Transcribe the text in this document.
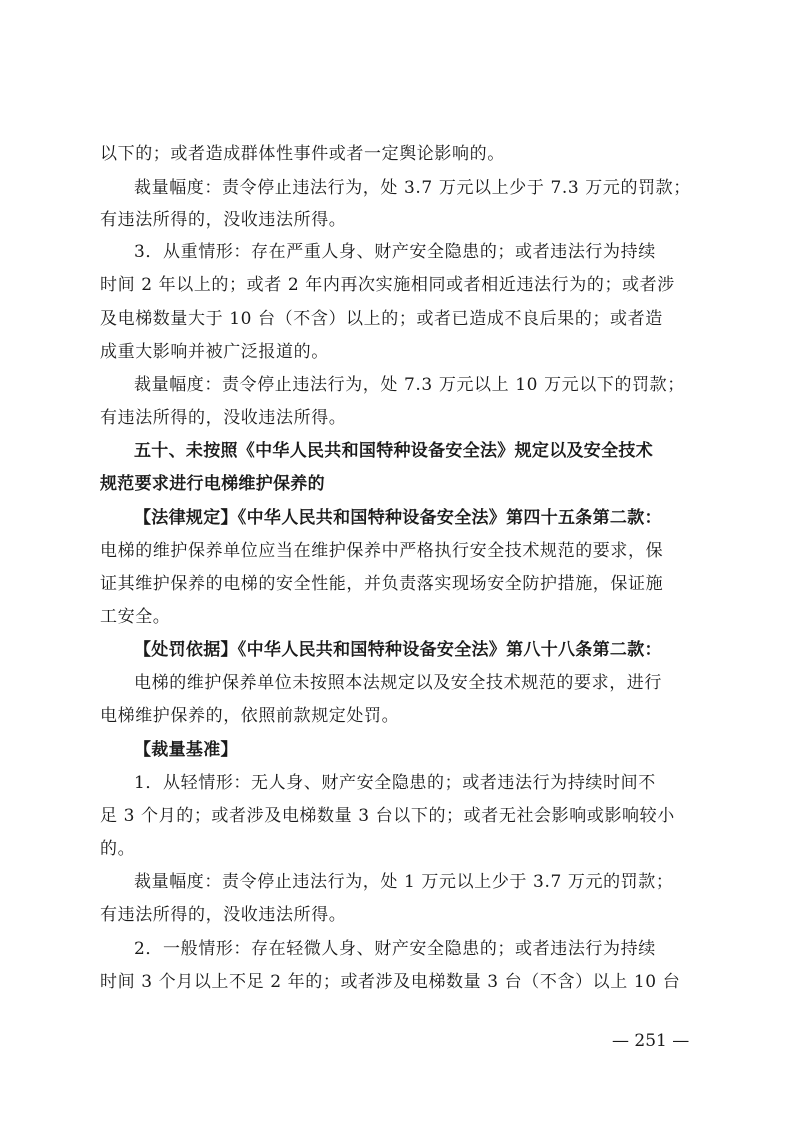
以下的；或者造成群体性事件或者一定舆论影响的。
裁量幅度：责令停止违法行为，处 3.7 万元以上少于 7.3 万元的罚款；
有违法所得的，没收违法所得。
3．从重情形：存在严重人身、财产安全隐患的；或者违法行为持续
时间 2 年以上的；或者 2 年内再次实施相同或者相近违法行为的；或者涉
及电梯数量大于 10 台（不含）以上的；或者已造成不良后果的；或者造
成重大影响并被广泛报道的。
裁量幅度：责令停止违法行为，处 7.3 万元以上 10 万元以下的罚款；
有违法所得的，没收违法所得。
五十、未按照《中华人民共和国特种设备安全法》规定以及安全技术
规范要求进行电梯维护保养的
【法律规定】《中华人民共和国特种设备安全法》第四十五条第二款：
电梯的维护保养单位应当在维护保养中严格执行安全技术规范的要求，保
证其维护保养的电梯的安全性能，并负责落实现场安全防护措施，保证施
工安全。
【处罚依据】《中华人民共和国特种设备安全法》第八十八条第二款：
电梯的维护保养单位未按照本法规定以及安全技术规范的要求，进行
电梯维护保养的，依照前款规定处罚。
【裁量基准】
1．从轻情形：无人身、财产安全隐患的；或者违法行为持续时间不
足 3 个月的；或者涉及电梯数量 3 台以下的；或者无社会影响或影响较小
的。
裁量幅度：责令停止违法行为，处 1 万元以上少于 3.7 万元的罚款；
有违法所得的，没收违法所得。
2．一般情形：存在轻微人身、财产安全隐患的；或者违法行为持续
时间 3 个月以上不足 2 年的；或者涉及电梯数量 3 台（不含）以上 10 台
— 251 —
